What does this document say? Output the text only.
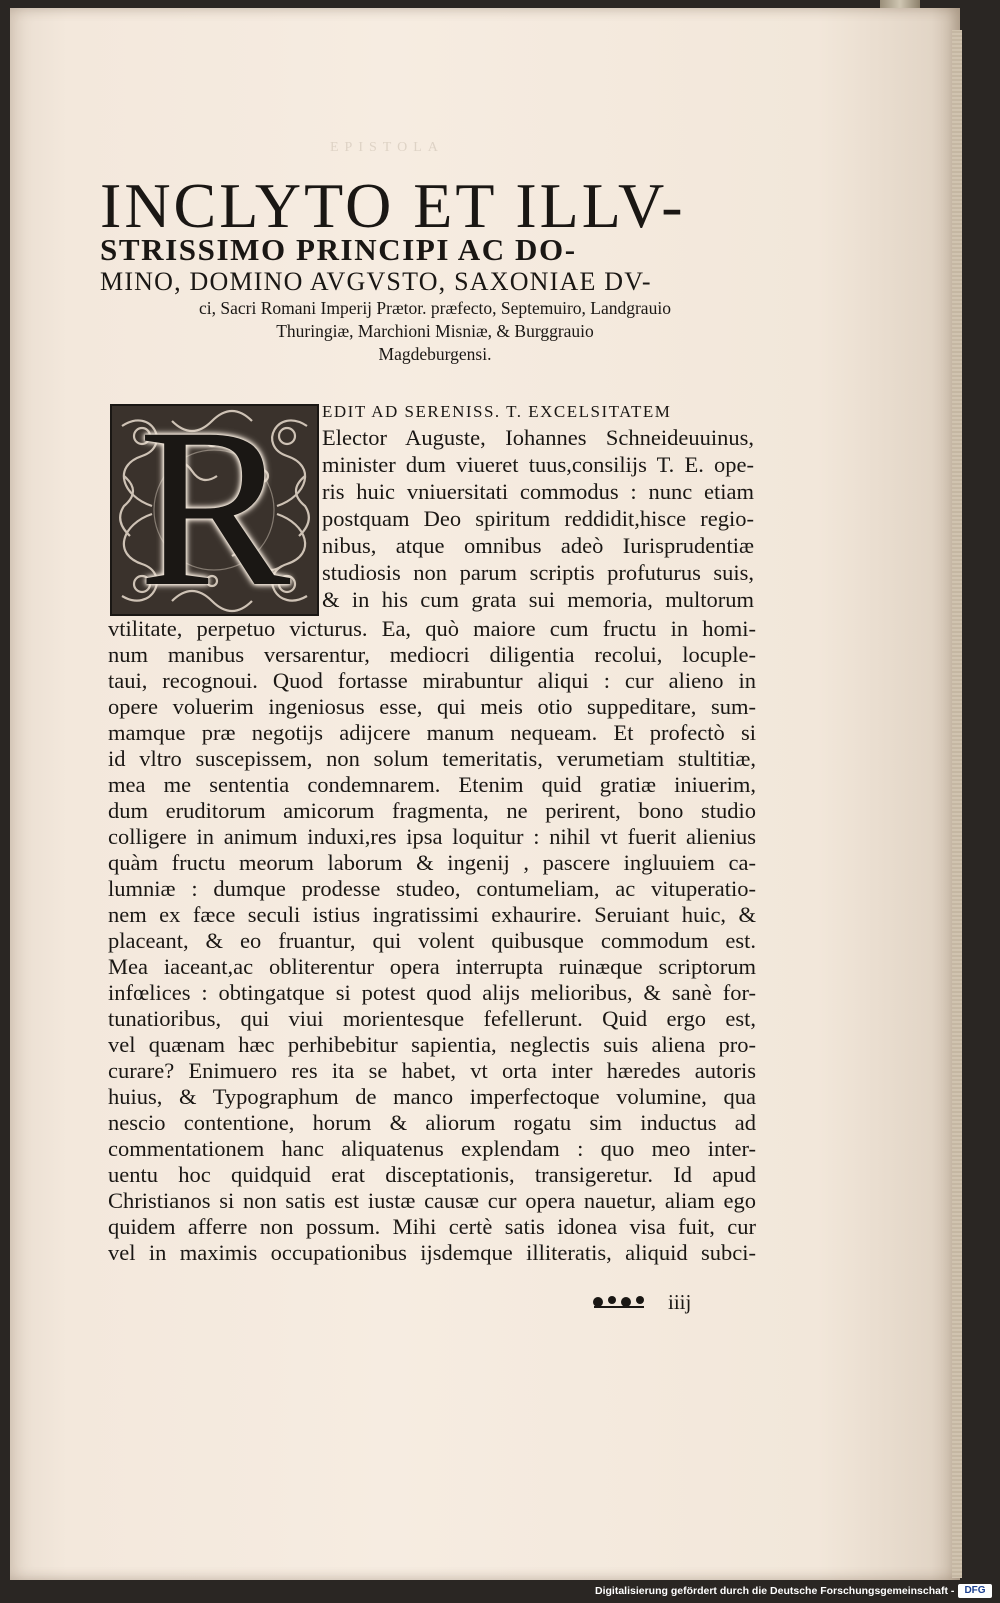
EPISTOLA
INCLYTO ET ILLV-
STRISSIMO PRINCIPI AC DO-
MINO, DOMINO AVGVSTO, SAXONIAE DV-
ci, Sacri Romani Imperij Prætor. præfecto, Septemuiro, Landgrauio
Thuringiæ, Marchioni Misniæ, & Burggrauio
Magdeburgensi.
R	EDIT AD SERENISS. T. EXCELSITATEM
Elector Auguste, Iohannes Schneideuuinus,
minister dum viueret tuus,consilijs T. E. ope-
ris huic vniuersitati commodus : nunc etiam
postquam Deo spiritum reddidit,hisce regio-
nibus, atque omnibus adeò Iurisprudentiæ
studiosis non parum scriptis profuturus suis,
& in his cum grata sui memoria, multorum
vtilitate, perpetuo victurus. Ea, quò maiore cum fructu in homi-
num manibus versarentur, mediocri diligentia recolui, locuple-
taui, recognoui. Quod fortasse mirabuntur aliqui : cur alieno in
opere voluerim ingeniosus esse, qui meis otio suppeditare, sum-
mamque præ negotijs adijcere manum nequeam. Et profectò si
id vltro suscepissem, non solum temeritatis, verumetiam stultitiæ,
mea me sententia condemnarem. Etenim quid gratiæ iniuerim,
dum eruditorum amicorum fragmenta, ne perirent, bono studio
colligere in animum induxi,res ipsa loquitur : nihil vt fuerit alienius
quàm fructu meorum laborum & ingenij , pascere ingluuiem ca-
lumniæ : dumque prodesse studeo, contumeliam, ac vituperatio-
nem ex fæce seculi istius ingratissimi exhaurire. Seruiant huic, &
placeant, & eo fruantur, qui volent quibusque commodum est.
Mea iaceant,ac obliterentur opera interrupta ruinæque scriptorum
infœlices : obtingatque si potest quod alijs melioribus, & sanè for-
tunatioribus, qui viui morientesque fefellerunt. Quid ergo est,
vel quænam hæc perhibebitur sapientia, neglectis suis aliena pro-
curare? Enimuero res ita se habet, vt orta inter hæredes autoris
huius, & Typographum de manco imperfectoque volumine, qua
nescio contentione, horum & aliorum rogatu sim inductus ad
commentationem hanc aliquatenus explendam : quo meo inter-
uentu hoc quidquid erat disceptationis, transigeretur. Id apud
Christianos si non satis est iustæ causæ cur opera nauetur, aliam ego
quidem afferre non possum. Mihi certè satis idonea visa fuit, cur
vel in maximis occupationibus ijsdemque illiteratis, aliquid subci-
iiij
Digitalisierung gefördert durch die Deutsche Forschungsgemeinschaft -	DFG
